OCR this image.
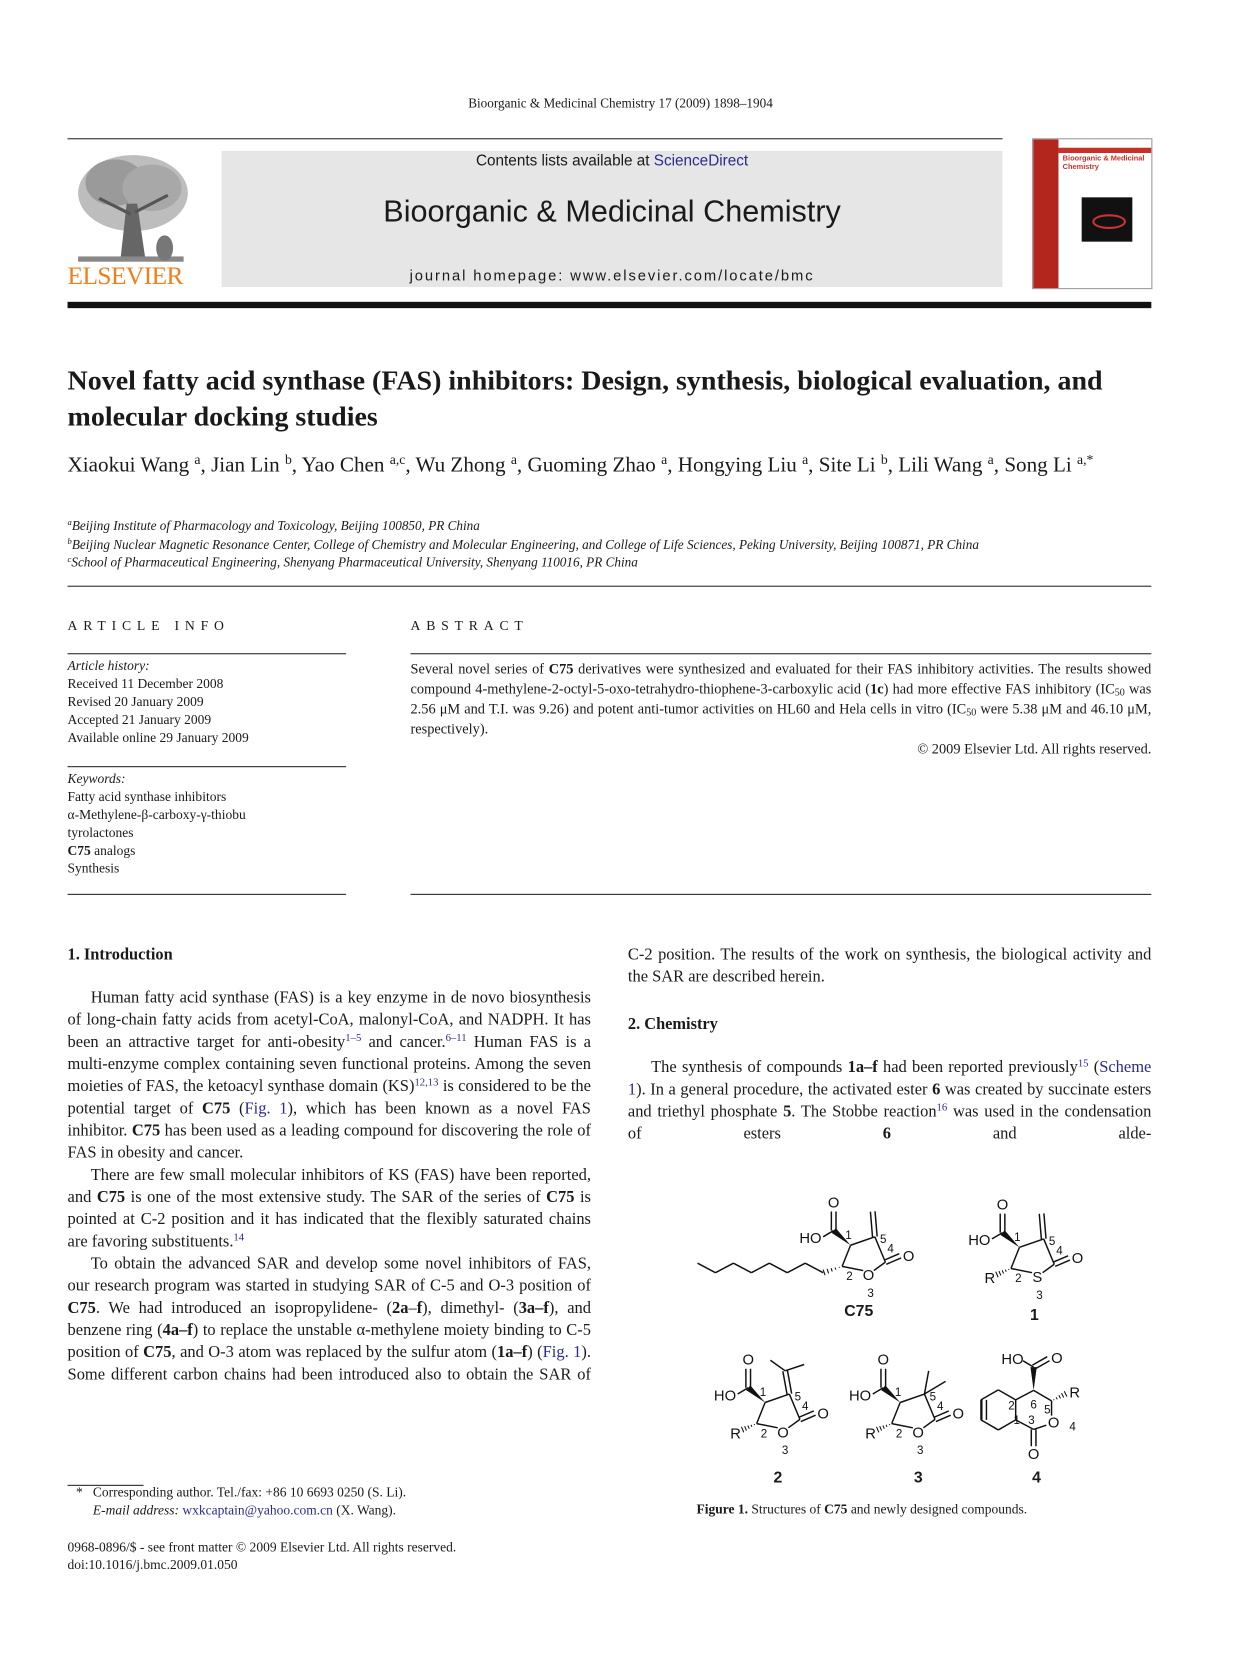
Bioorganic & Medicinal Chemistry 17 (2009) 1898–1904
ELSEVIER
Contents lists available at ScienceDirect
Bioorganic & Medicinal Chemistry
journal homepage: www.elsevier.com/locate/bmc
Bioorganic & Medicinal Chemistry
Novel fatty acid synthase (FAS) inhibitors: Design, synthesis, biological evaluation, and molecular docking studies
Xiaokui Wang $^a$, Jian Lin $^b$, Yao Chen $^{a,c}$, Wu Zhong $^a$, Guoming Zhao $^a$, Hongying Liu $^a$, Site Li $^b$, Lili Wang $^a$, Song Li $^{a,*}$
$^a$Beijing Institute of Pharmacology and Toxicology, Beijing 100850, PR China
$^b$Beijing Nuclear Magnetic Resonance Center, College of Chemistry and Molecular Engineering, and College of Life Sciences, Peking University, Beijing 100871, PR China
$^c$School of Pharmaceutical Engineering, Shenyang Pharmaceutical University, Shenyang 110016, PR China
ARTICLE INFO
Article history:
Received 11 December 2008
Revised 20 January 2009
Accepted 21 January 2009
Available online 29 January 2009
Keywords:
Fatty acid synthase inhibitors
α-Methylene-β-carboxy-γ-thiobutyrolactones
C75 analogs
Synthesis
ABSTRACT
Several novel series of C75 derivatives were synthesized and evaluated for their FAS inhibitory activities. The results showed compound 4-methylene-2-octyl-5-oxo-tetrahydro-thiophene-3-carboxylic acid (1c) had more effective FAS inhibitory ($IC_{50}$ was 2.56 μM and T.I. was 9.26) and potent anti-tumor activities on HL60 and Hela cells in vitro ($IC_{50}$ were 5.38 μM and 46.10 μM, respectively).
© 2009 Elsevier Ltd. All rights reserved.
1. Introduction

Human fatty acid synthase (FAS) is a key enzyme in de novo biosynthesis of long-chain fatty acids from acetyl-CoA, malonyl-CoA, and NADPH. It has been an attractive target for anti-obesity$^{1-5}$ and cancer.$^{6-11}$ Human FAS is a multi-enzyme complex containing seven functional proteins. Among the seven moieties of FAS, the ketoacyl synthase domain (KS)$^{12,13}$ is considered to be the potential target of C75 (Fig. 1), which has been known as a novel FAS inhibitor. C75 has been used as a leading compound for discovering the role of FAS in obesity and cancer.

There are few small molecular inhibitors of KS (FAS) have been reported, and C75 is one of the most extensive study. The SAR of the series of C75 is pointed at C-2 position and it has indicated that the flexibly saturated chains are favoring substituents.$^{14}$

To obtain the advanced SAR and develop some novel inhibitors of FAS, our research program was started in studying SAR of C-5 and O-3 position of C75. We had introduced an isopropylidene- (2a–f), dimethyl- (3a–f), and benzene ring (4a–f) to replace the unstable α-methylene moiety binding to C-5 position of C75, and O-3 atom was replaced by the sulfur atom (1a–f) (Fig. 1). Some different carbon chains had been introduced also to obtain the SAR of

C-2 position. The results of the work on synthesis, the biological activity and the SAR are described herein.

2. Chemistry

The synthesis of compounds 1a–f had been reported previously$^{15}$ (Scheme 1). In a general procedure, the activated ester 6 was created by succinate esters and triethyl phosphate 5. The Stobbe reaction$^{16}$ was used in the condensation of esters 6 and alde-

O
3
O
4
1	5
2
O
HO
S
3
O
4
1	5
2
O
HO
R
O
3
O
4
1	5
2
O
HO
R	O
3
O
4
1	5
2
O
HO
R
O 4
O
3
6 5
2
1
O
HO
R
C75	1
2	3	4
Figure 1. Structures of C75 and newly designed compounds.
* Corresponding author. Tel./fax: +86 10 6693 0250 (S. Li).
E-mail address: wxkcaptain@yahoo.com.cn (X. Wang).
0968-0896/$ - see front matter © 2009 Elsevier Ltd. All rights reserved.
doi:10.1016/j.bmc.2009.01.050
